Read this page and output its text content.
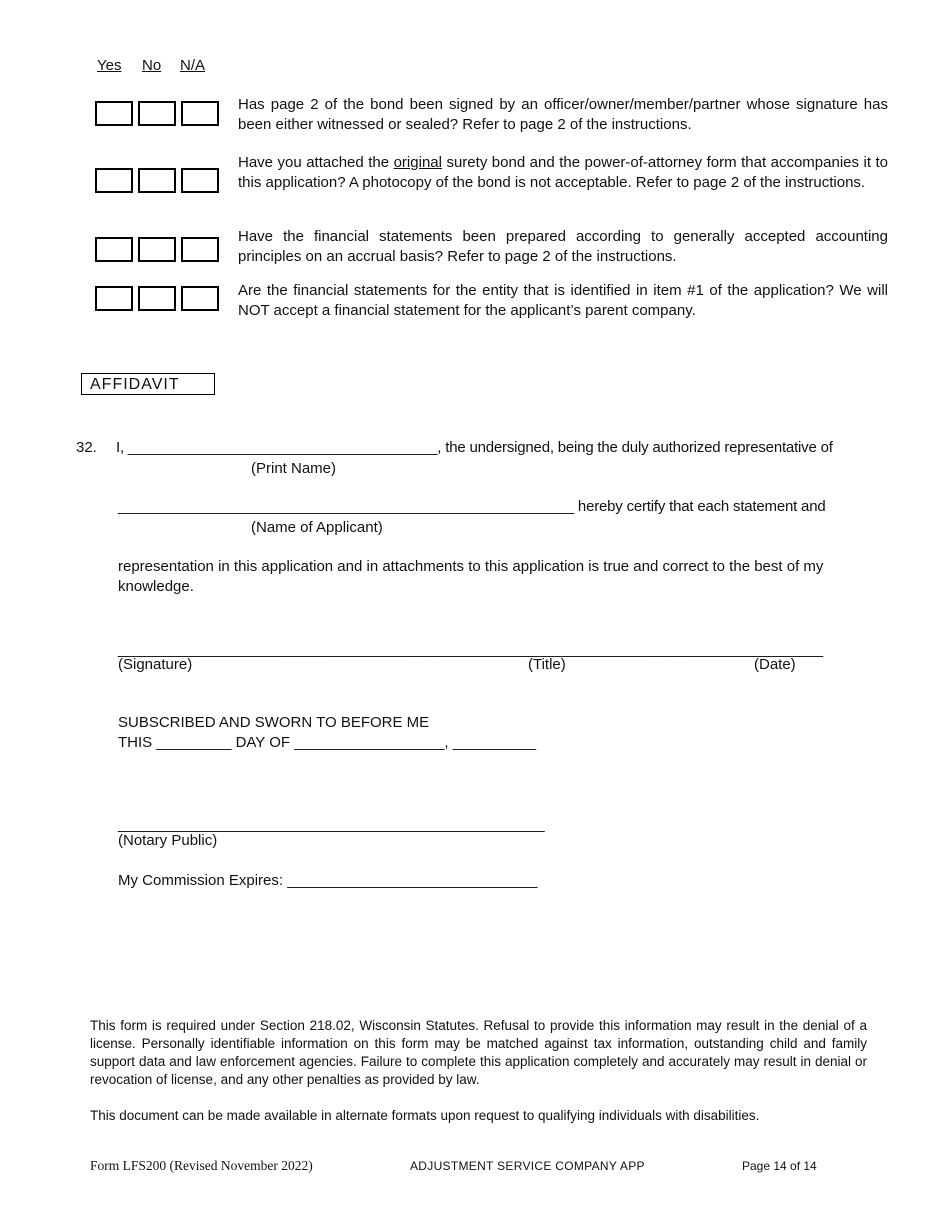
Yes No N/A
Has page 2 of the bond been signed by an officer/owner/member/partner whose signature has been either witnessed or sealed? Refer to page 2 of the instructions.
Have you attached the original surety bond and the power-of-attorney form that accompanies it to this application? A photocopy of the bond is not acceptable. Refer to page 2 of the instructions.
Have the financial statements been prepared according to generally accepted accounting principles on an accrual basis? Refer to page 2 of the instructions.
Are the financial statements for the entity that is identified in item #1 of the application? We will NOT accept a financial statement for the applicant’s parent company.
AFFIDAVIT
32. I, ______________________________________, the undersigned, being the duly authorized representative of
(Print Name)
________________________________________________________ hereby certify that each statement and
(Name of Applicant)
representation in this application and in attachments to this application is true and correct to the best of my knowledge.
___________________________________________________________________________________________
(Signature)	(Title)	(Date)
SUBSCRIBED AND SWORN TO BEFORE ME
THIS _________ DAY OF __________________, __________
_____________________________________________________
(Notary Public)
My Commission Expires: ______________________________
This form is required under Section 218.02, Wisconsin Statutes. Refusal to provide this information may result in the denial of a license. Personally identifiable information on this form may be matched against tax information, outstanding child and family support data and law enforcement agencies. Failure to complete this application completely and accurately may result in denial or revocation of license, and any other penalties as provided by law.
This document can be made available in alternate formats upon request to qualifying individuals with disabilities.
Form LFS200 (Revised November 2022)	ADJUSTMENT SERVICE COMPANY APP	Page 14 of 14
